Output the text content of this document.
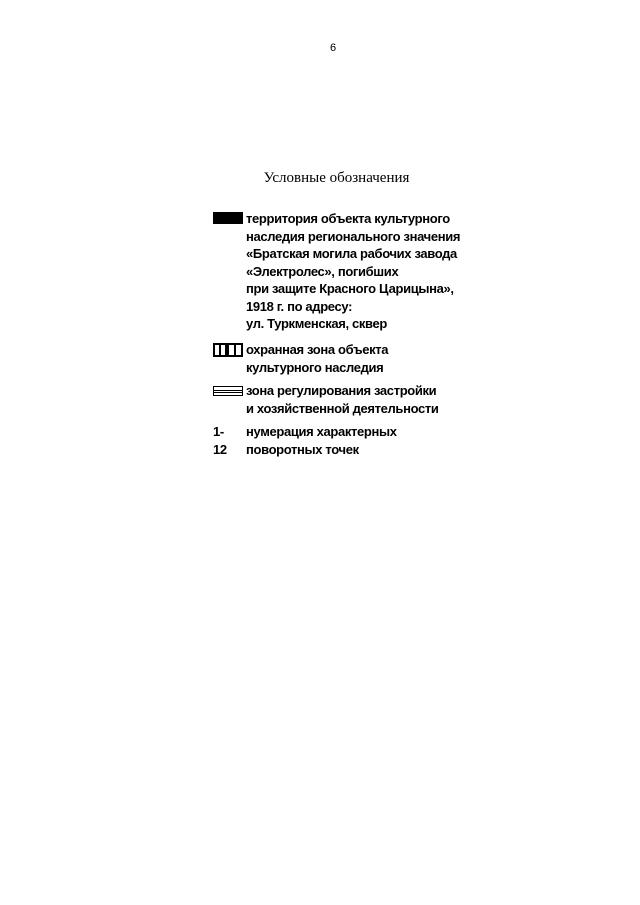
6
Условные обозначения
территория объекта культурного
наследия регионального значения
«Братская могила рабочих завода
«Электролес», погибших
при защите Красного Царицына»,
1918 г. по адресу:
ул. Туркменская, сквер
охранная зона объекта
культурного наследия
зона регулирования застройки
и хозяйственной деятельности
1-12
нумерация характерных
поворотных точек
